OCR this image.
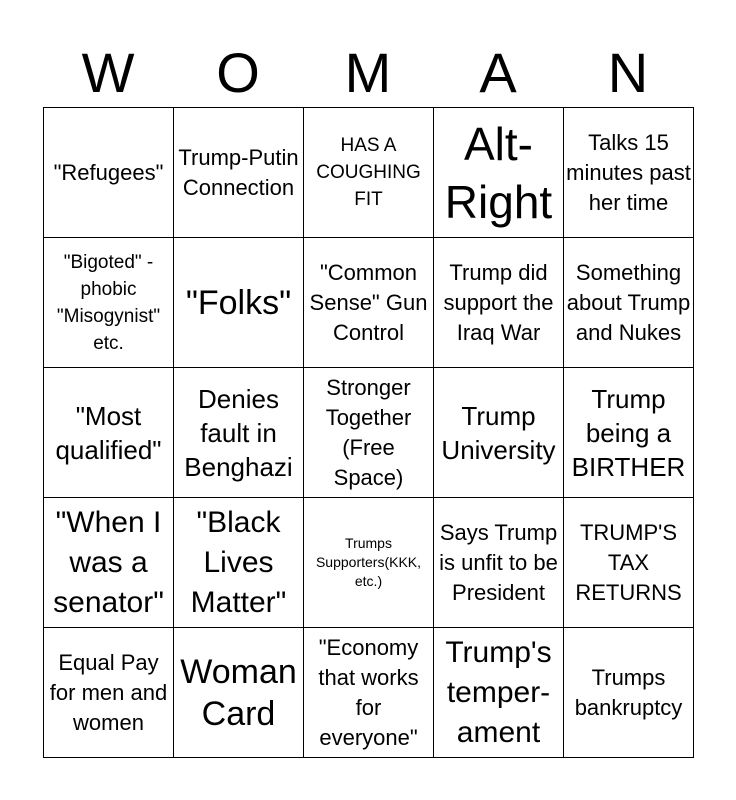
W	O	M	A	N
"Refugees"	Trump-Putin Connection	HAS A COUGHING FIT	Alt-Right	Talks 15 minutes past her time

"Bigoted" -phobic "Misogynist" etc.	"Folks"	"Common Sense" Gun Control	Trump did support the Iraq War	Something about Trump and Nukes

"Most qualified"	Denies fault in Benghazi	Stronger Together (Free Space)	Trump University	Trump being a BIRTHER

"When I was a senator"	"Black Lives Matter"	Trumps Supporters(KKK, etc.)	Says Trump is unfit to be President	TRUMP'S TAX RETURNS

Equal Pay for men and women	Woman Card	"Economy that works for everyone"	Trump's temper-ament	Trumps bankruptcy
